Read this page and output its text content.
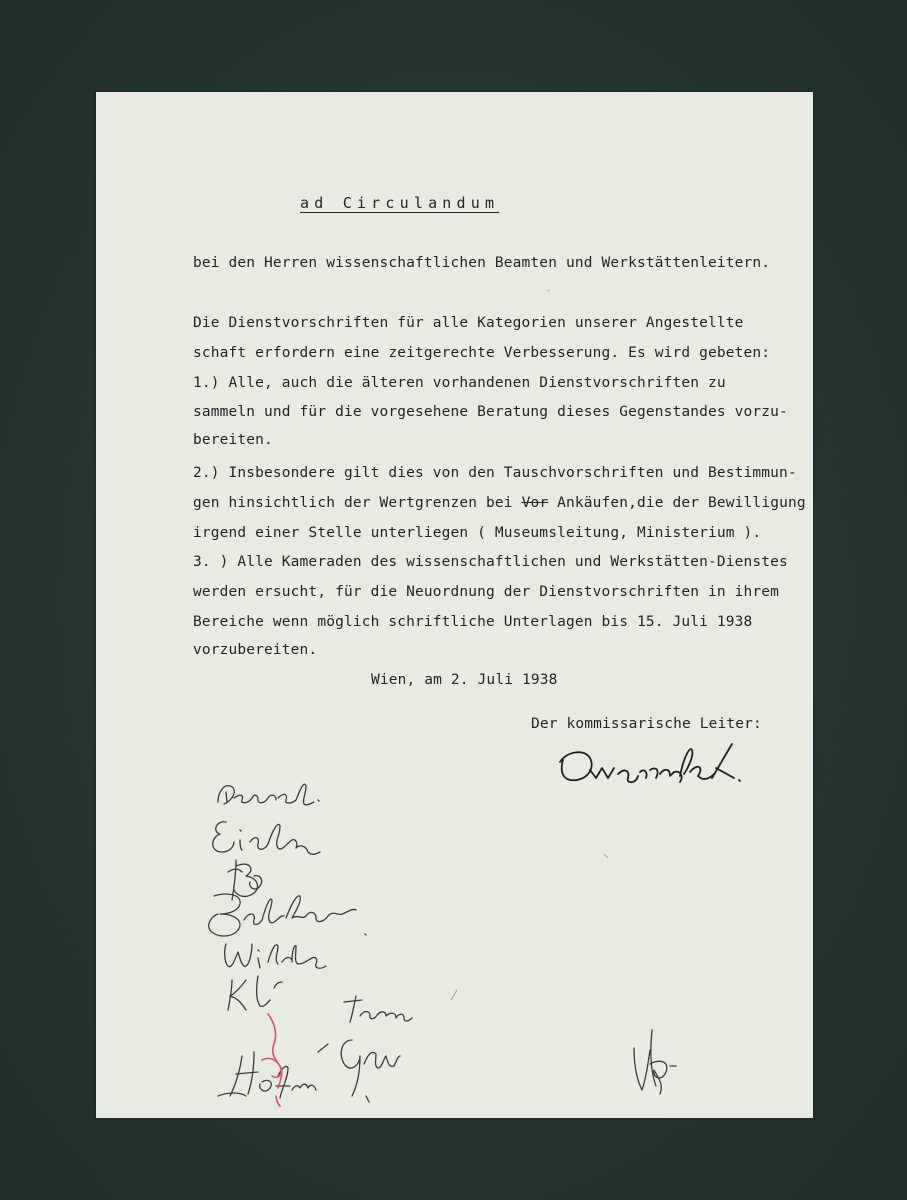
ad Circulandum
bei den Herren wissenschaftlichen Beamten und Werkstättenleitern.
Die Dienstvorschriften für alle Kategorien unserer Angestellte
schaft erfordern eine zeitgerechte Verbesserung. Es wird gebeten:
1.) Alle, auch die älteren vorhandenen Dienstvorschriften zu
sammeln und für die vorgesehene Beratung dieses Gegenstandes vorzu-
bereiten.
2.) Insbesondere gilt dies von den Tauschvorschriften und Bestimmun-
gen hinsichtlich der Wertgrenzen bei Vor Ankäufen,die der Bewilligung
irgend einer Stelle unterliegen ( Museumsleitung, Ministerium ).
3. ) Alle Kameraden des wissenschaftlichen und Werkstätten-Dienstes
werden ersucht, für die Neuordnung der Dienstvorschriften in ihrem
Bereiche wenn möglich schriftliche Unterlagen bis 15. Juli 1938
vorzubereiten.
Wien, am 2. Juli 1938
Der kommissarische Leiter:
